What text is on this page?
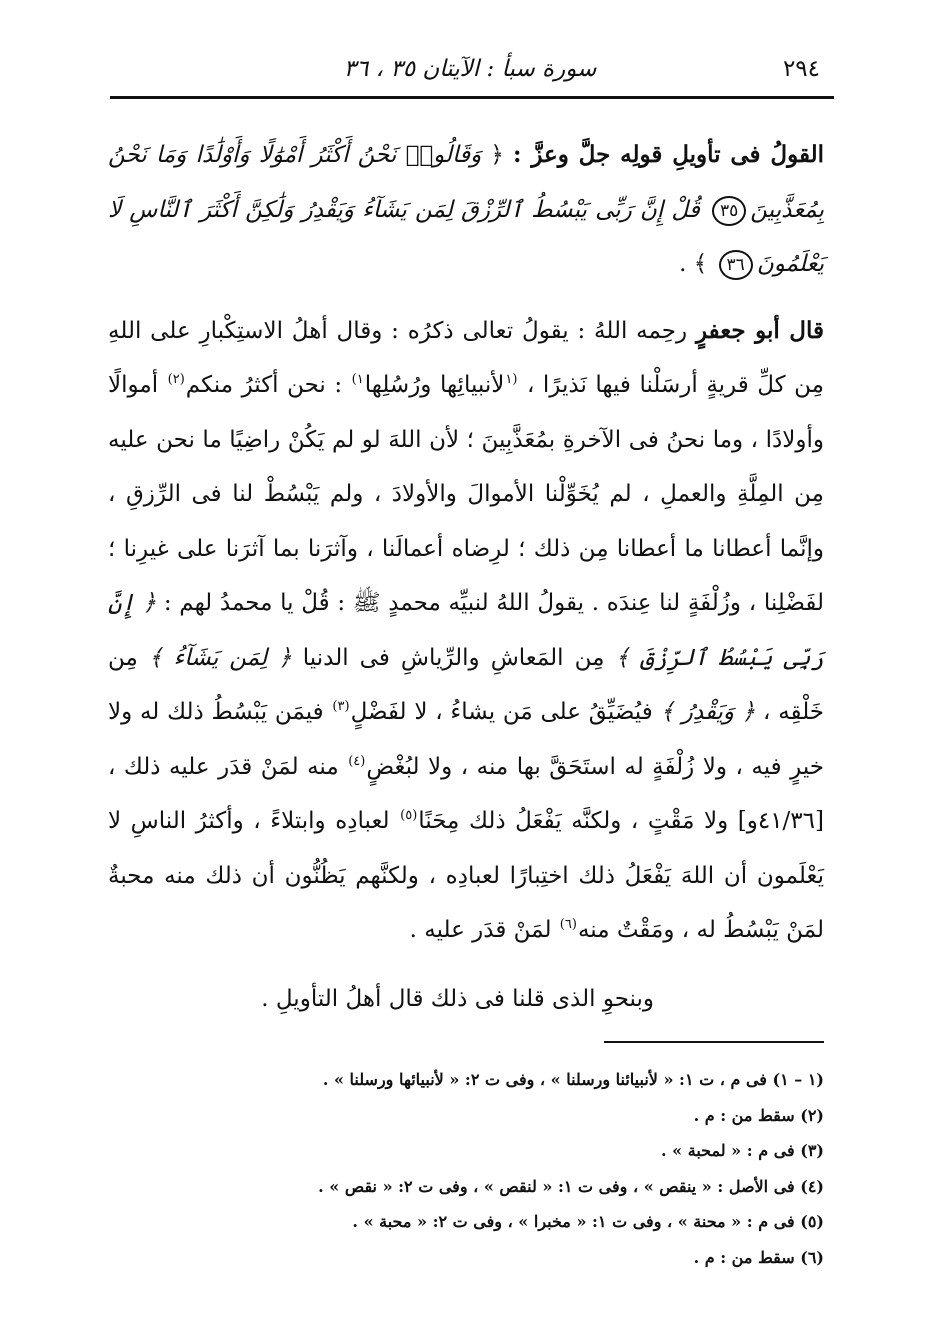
٢٩٤
سورة سبأ : الآيتان ٣٥ ، ٣٦

القولُ فى تأويلِ قولِه جلَّ وعزَّ : ﴿ وَقَالُوا۟ نَحْنُ أَكْثَرُ أَمْوَٰلًا وَأَوْلَٰدًا وَمَا نَحْنُ بِمُعَذَّبِينَ٣٥ قُلْ إِنَّ رَبِّى يَبْسُطُ ٱلرِّزْقَ لِمَن يَشَآءُ وَيَقْدِرُ وَلَٰكِنَّ أَكْثَرَ ٱلنَّاسِ لَا يَعْلَمُونَ٣٦ ﴾ .

قال أبو جعفرٍ رحِمه اللهُ : يقولُ تعالى ذكرُه : وقال أهلُ الاستِكْبارِ على اللهِ مِن كلِّ قريةٍ أرسَلْنا فيها نَذيرًا ، $^{(١}$لأنبيائِها ورُسُلِها$^{١)}$ : نحن أكثرُ منكم$^{(٢)}$ أموالًا وأولادًا ، وما نحنُ فى الآخرةِ بمُعَذَّبِينَ ؛ لأن اللهَ لو لم يَكُنْ راضِيًا ما نحن عليه مِن المِلَّةِ والعملِ ، لم يُخَوِّلْنا الأموالَ والأولادَ ، ولم يَبْسُطْ لنا فى الرِّزقِ ، وإنَّما أعطانا ما أعطانا مِن ذلك ؛ لرِضاه أعمالَنا ، وآثرَنا بما آثرَنا على غيرِنا ؛ لفَضْلِنا ، وزُلْفَةٍ لنا عِندَه . يقولُ اللهُ لنبيِّه محمدٍ ﷺ : قُلْ يا محمدُ لهم : ﴿ إِنَّ رَبِّى يَبْسُطُ ٱلرِّزْقَ ﴾ مِن المَعاشِ والرِّياشِ فى الدنيا ﴿ لِمَن يَشَآءُ ﴾ مِن خَلْقِه ، ﴿ وَيَقْدِرُ ﴾ فيُضَيِّقُ على مَن يشاءُ ، لا لفَضْلٍ$^{(٣)}$ فيمَن يَبْسُطُ ذلك له ولا خيرٍ فيه ، ولا زُلْفَةٍ له استَحَقَّ بها منه ، ولا لبُغْضٍ$^{(٤)}$ منه لمَنْ قدَر عليه ذلك ، [٤١/٣٦و] ولا مَقْتٍ ، ولكنَّه يَفْعَلُ ذلك مِحَنًا$^{(٥)}$ لعبادِه وابتلاءً ، وأكثرُ الناسِ لا يَعْلَمون أن اللهَ يَفْعَلُ ذلك اختِبارًا لعبادِه ، ولكنَّهم يَظُنُّون أن ذلك منه محبةٌ لمَنْ يَبْسُطُ له ، ومَقْتٌ منه$^{(٦)}$ لمَنْ قدَر عليه .

وبنحوِ الذى قلنا فى ذلك قال أهلُ التأويلِ .

(١ – ١) فى م ، ت ١: « لأنبيائنا ورسلنا » ، وفى ت ٢: « لأنبيائها ورسلنا » .
(٢) سقط من : م .
(٣) فى م : « لمحبة » .
(٤) فى الأصل : « ينقص » ، وفى ت ١: « لنقص » ، وفى ت ٢: « نقص » .
(٥) فى م : « محنة » ، وفى ت ١: « مخبرا » ، وفى ت ٢: « محبة » .
(٦) سقط من : م .
